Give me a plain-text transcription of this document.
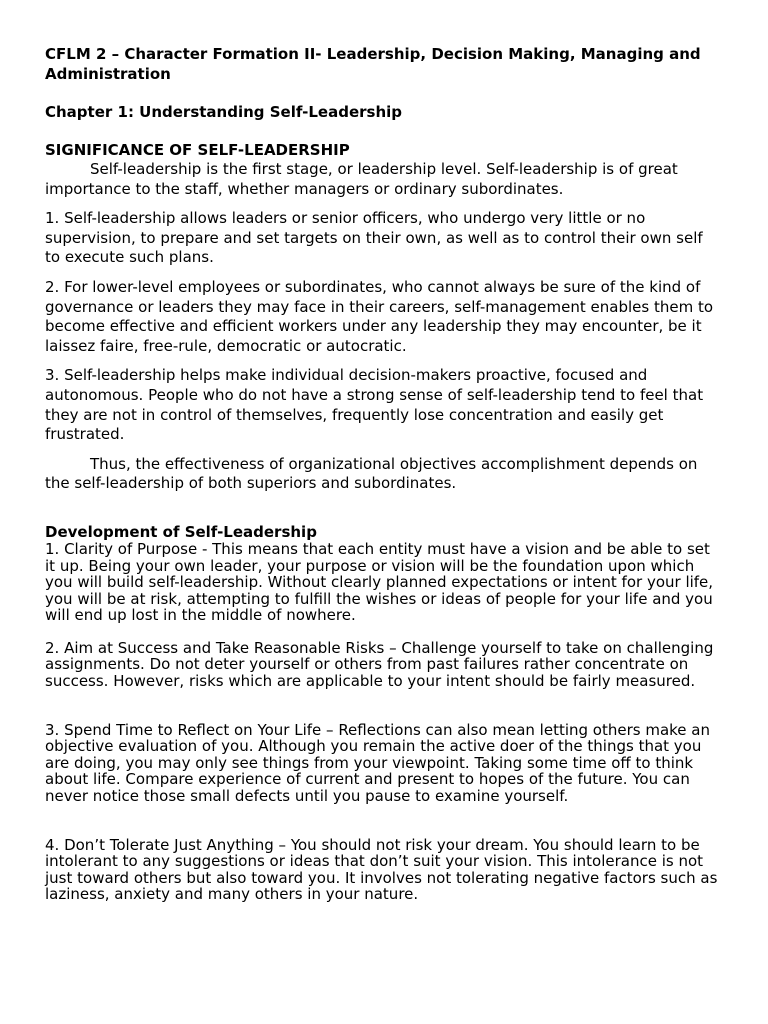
CFLM 2 – Character Formation II- Leadership, Decision Making, Managing and Administration

Chapter 1: Understanding Self-Leadership

SIGNIFICANCE OF SELF-LEADERSHIP

Self-leadership is the first stage, or leadership level. Self-leadership is of great importance to the staff, whether managers or ordinary subordinates.

1. Self-leadership allows leaders or senior officers, who undergo very little or no supervision, to prepare and set targets on their own, as well as to control their own self to execute such plans.

2. For lower-level employees or subordinates, who cannot always be sure of the kind of governance or leaders they may face in their careers, self-management enables them to become effective and efficient workers under any leadership they may encounter, be it laissez faire, free-rule, democratic or autocratic.

3. Self-leadership helps make individual decision-makers proactive, focused and autonomous. People who do not have a strong sense of self-leadership tend to feel that they are not in control of themselves, frequently lose concentration and easily get frustrated.

Thus, the effectiveness of organizational objectives accomplishment depends on the self-leadership of both superiors and subordinates.

Development of Self-Leadership

1. Clarity of Purpose - This means that each entity must have a vision and be able to set it up. Being your own leader, your purpose or vision will be the foundation upon which you will build self-leadership. Without clearly planned expectations or intent for your life, you will be at risk, attempting to fulfill the wishes or ideas of people for your life and you will end up lost in the middle of nowhere.

2. Aim at Success and Take Reasonable Risks – Challenge yourself to take on challenging assignments. Do not deter yourself or others from past failures rather concentrate on success. However, risks which are applicable to your intent should be fairly measured.

3. Spend Time to Reflect on Your Life – Reflections can also mean letting others make an objective evaluation of you. Although you remain the active doer of the things that you are doing, you may only see things from your viewpoint. Taking some time off to think about life. Compare experience of current and present to hopes of the future. You can never notice those small defects until you pause to examine yourself.

4. Don’t Tolerate Just Anything – You should not risk your dream. You should learn to be intolerant to any suggestions or ideas that don’t suit your vision. This intolerance is not just toward others but also toward you. It involves not tolerating negative factors such as laziness, anxiety and many others in your nature.
